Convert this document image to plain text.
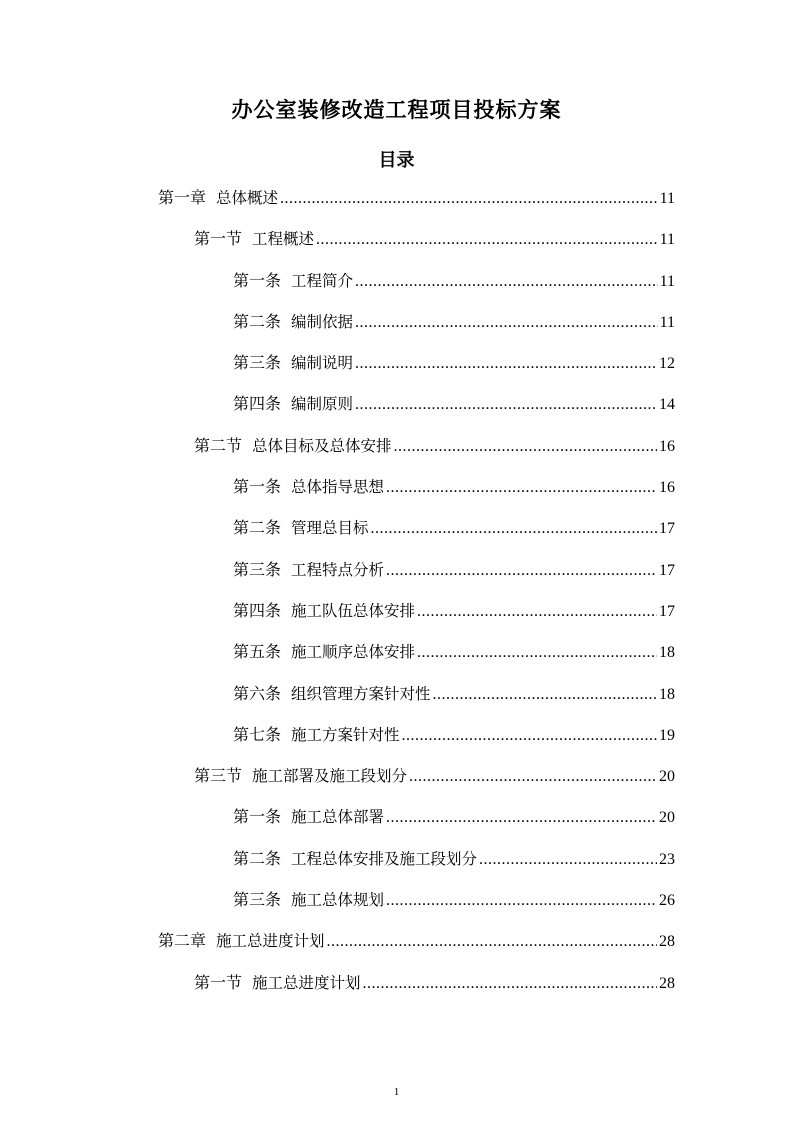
办公室装修改造工程项目投标方案
目录
第一章 总体概述 .....	11
第一节 工程概述 .....	11
第一条 工程简介 .....	11
第二条 编制依据 .....	11
第三条 编制说明 .....	12
第四条 编制原则 .....	14
第二节 总体目标及总体安排 .....	16
第一条 总体指导思想 .....	16
第二条 管理总目标 .....	17
第三条 工程特点分析 .....	17
第四条 施工队伍总体安排 .....	17
第五条 施工顺序总体安排 .....	18
第六条 组织管理方案针对性 .....	18
第七条 施工方案针对性 .....	19
第三节 施工部署及施工段划分 .....	20
第一条 施工总体部署 .....	20
第二条 工程总体安排及施工段划分 .....	23
第三条 施工总体规划 .....	26
第二章 施工总进度计划 .....	28
第一节 施工总进度计划 .....	28
1
